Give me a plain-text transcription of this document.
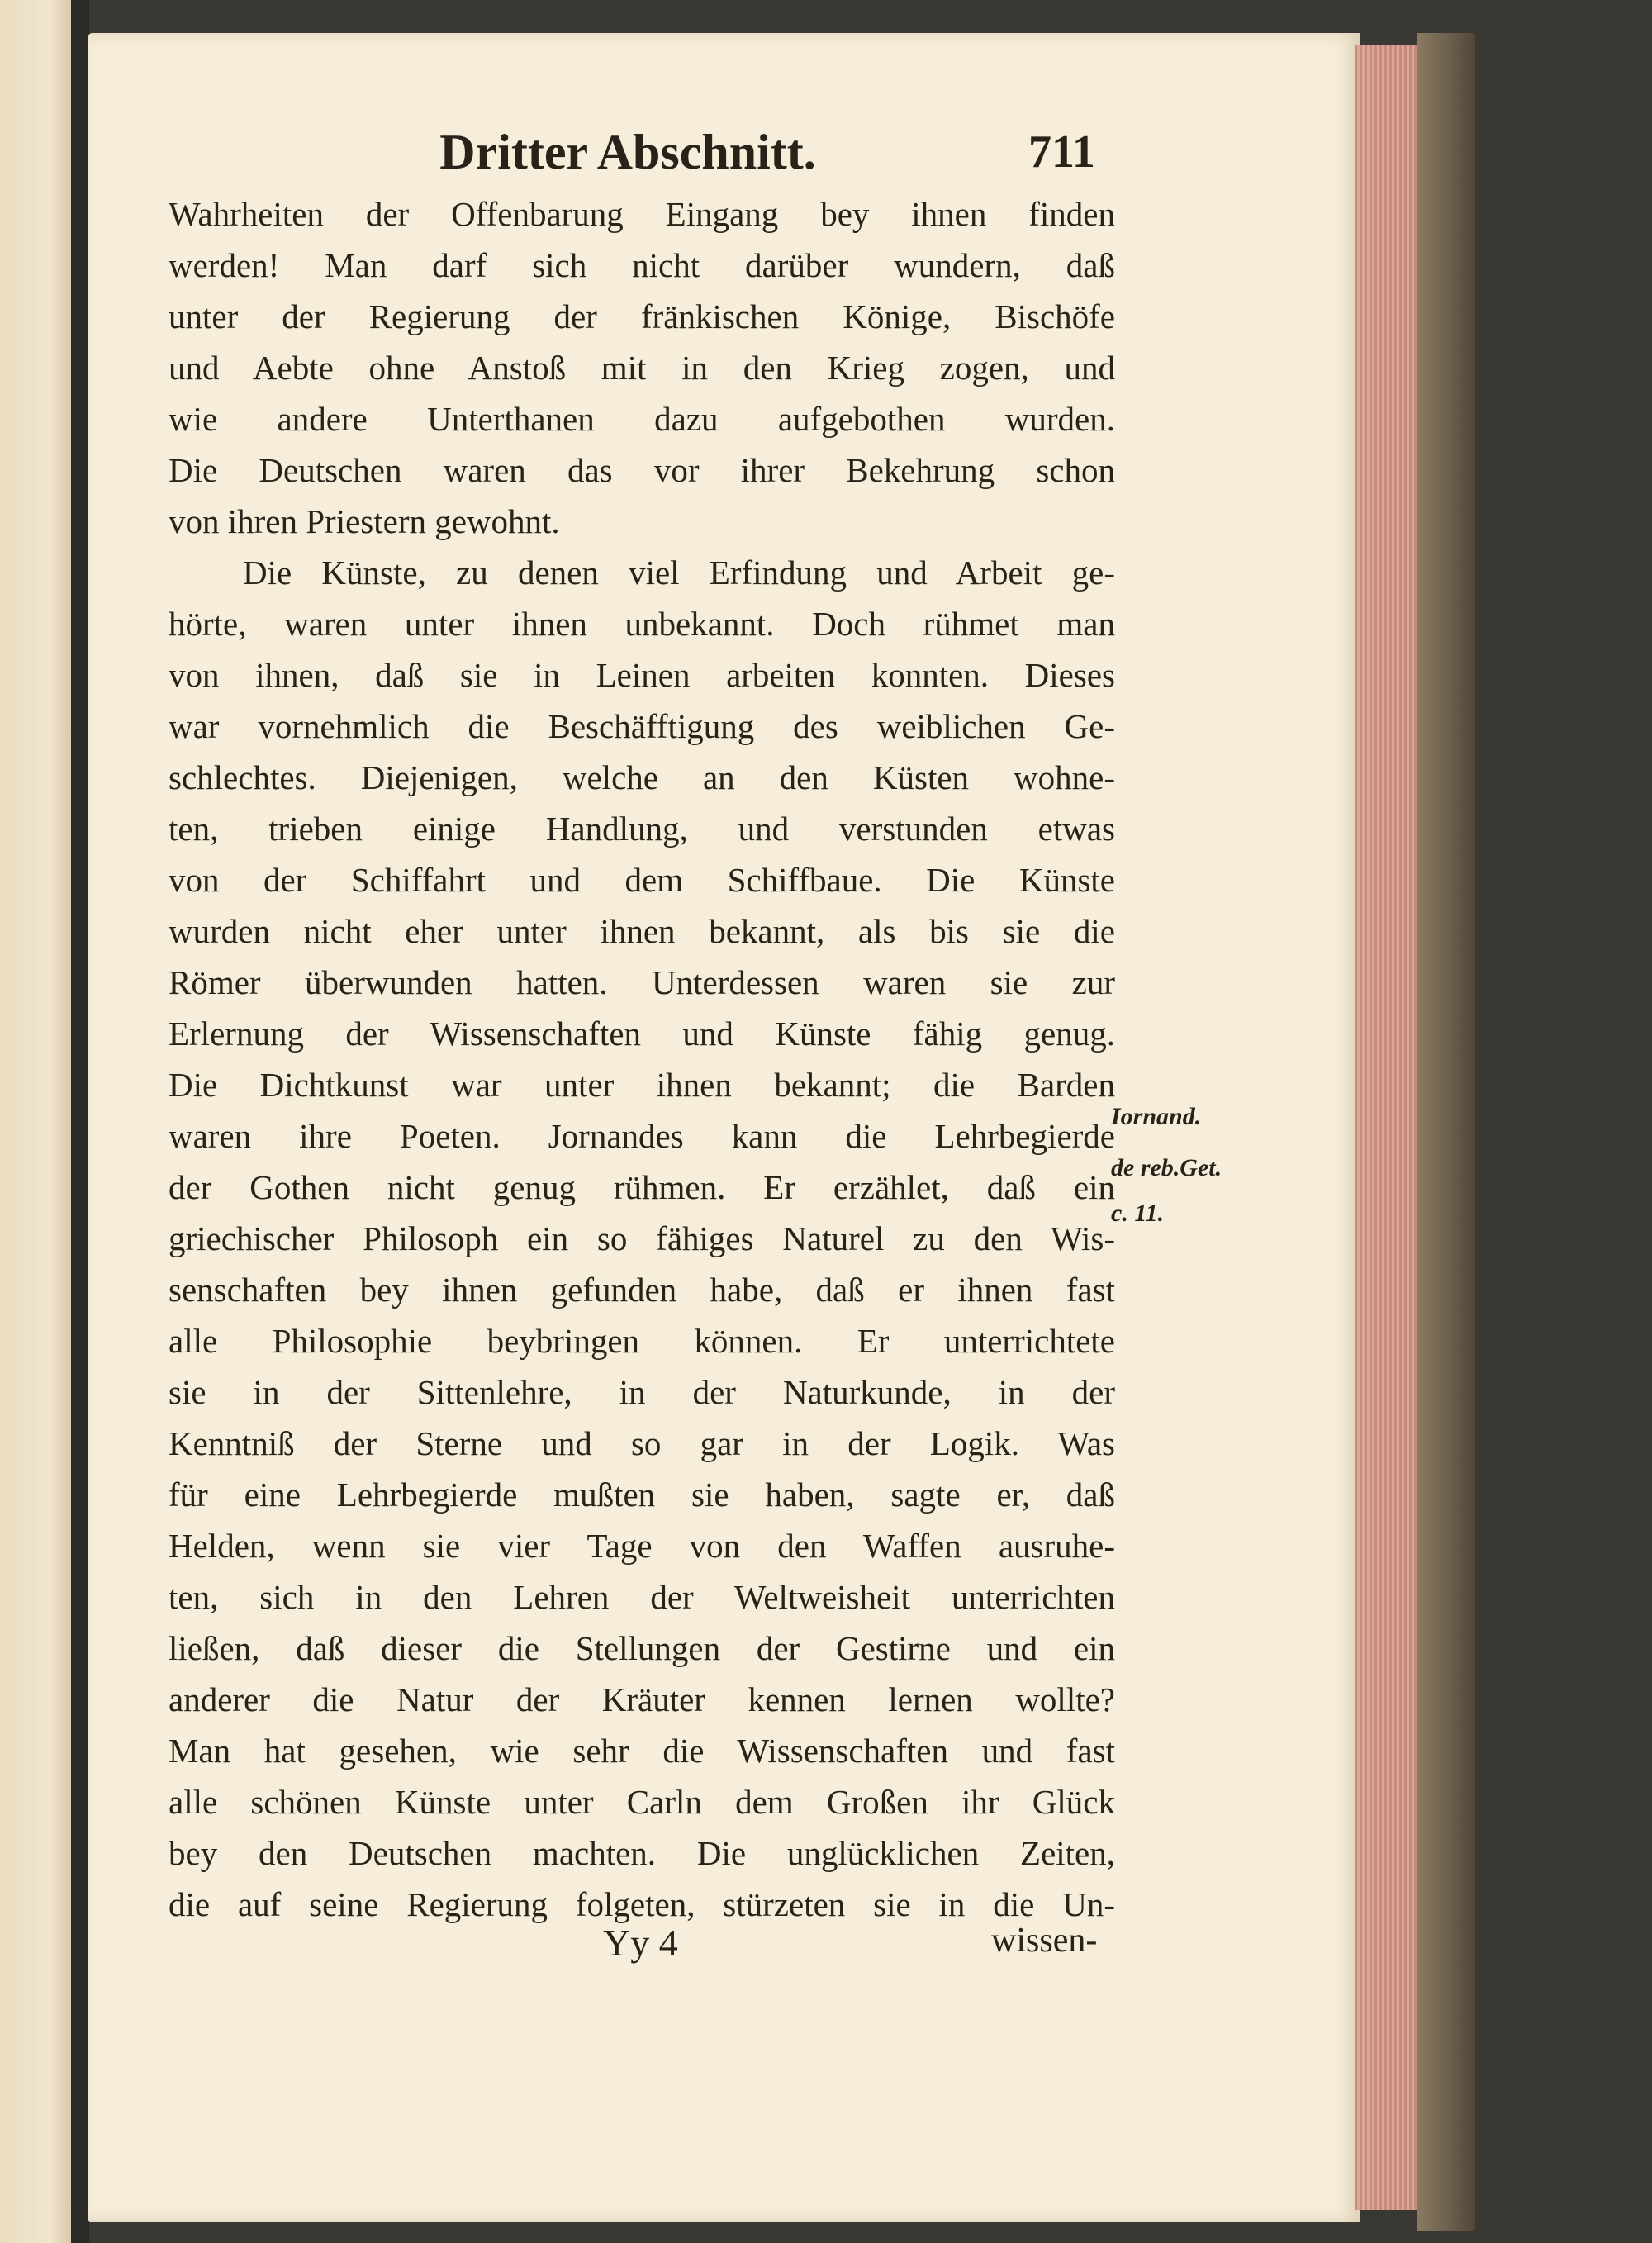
Dritter Abschnitt.	711
Wahrheiten der Offenbarung Eingang bey ihnen finden
werden! Man darf sich nicht darüber wundern, daß
unter der Regierung der fränkischen Könige, Bischöfe
und Aebte ohne Anstoß mit in den Krieg zogen, und
wie andere Unterthanen dazu aufgebothen wurden.
Die Deutschen waren das vor ihrer Bekehrung schon
von ihren Priestern gewohnt.
Die Künste, zu denen viel Erfindung und Arbeit ge-
hörte, waren unter ihnen unbekannt. Doch rühmet man
von ihnen, daß sie in Leinen arbeiten konnten. Dieses
war vornehmlich die Beschäfftigung des weiblichen Ge-
schlechtes. Diejenigen, welche an den Küsten wohne-
ten, trieben einige Handlung, und verstunden etwas
von der Schiffahrt und dem Schiffbaue. Die Künste
wurden nicht eher unter ihnen bekannt, als bis sie die
Römer überwunden hatten. Unterdessen waren sie zur
Erlernung der Wissenschaften und Künste fähig genug.
Die Dichtkunst war unter ihnen bekannt; die Barden
waren ihre Poeten. Jornandes kann die Lehrbegierde
der Gothen nicht genug rühmen. Er erzählet, daß ein
griechischer Philosoph ein so fähiges Naturel zu den Wis-
senschaften bey ihnen gefunden habe, daß er ihnen fast
alle Philosophie beybringen können. Er unterrichtete
sie in der Sittenlehre, in der Naturkunde, in der
Kenntniß der Sterne und so gar in der Logik. Was
für eine Lehrbegierde mußten sie haben, sagte er, daß
Helden, wenn sie vier Tage von den Waffen ausruhe-
ten, sich in den Lehren der Weltweisheit unterrichten
ließen, daß dieser die Stellungen der Gestirne und ein
anderer die Natur der Kräuter kennen lernen wollte?
Man hat gesehen, wie sehr die Wissenschaften und fast
alle schönen Künste unter Carln dem Großen ihr Glück
bey den Deutschen machten. Die unglücklichen Zeiten,
die auf seine Regierung folgeten, stürzeten sie in die Un-
Iornand.
de reb.Get.
c. 11.
Yy 4	wissen-
